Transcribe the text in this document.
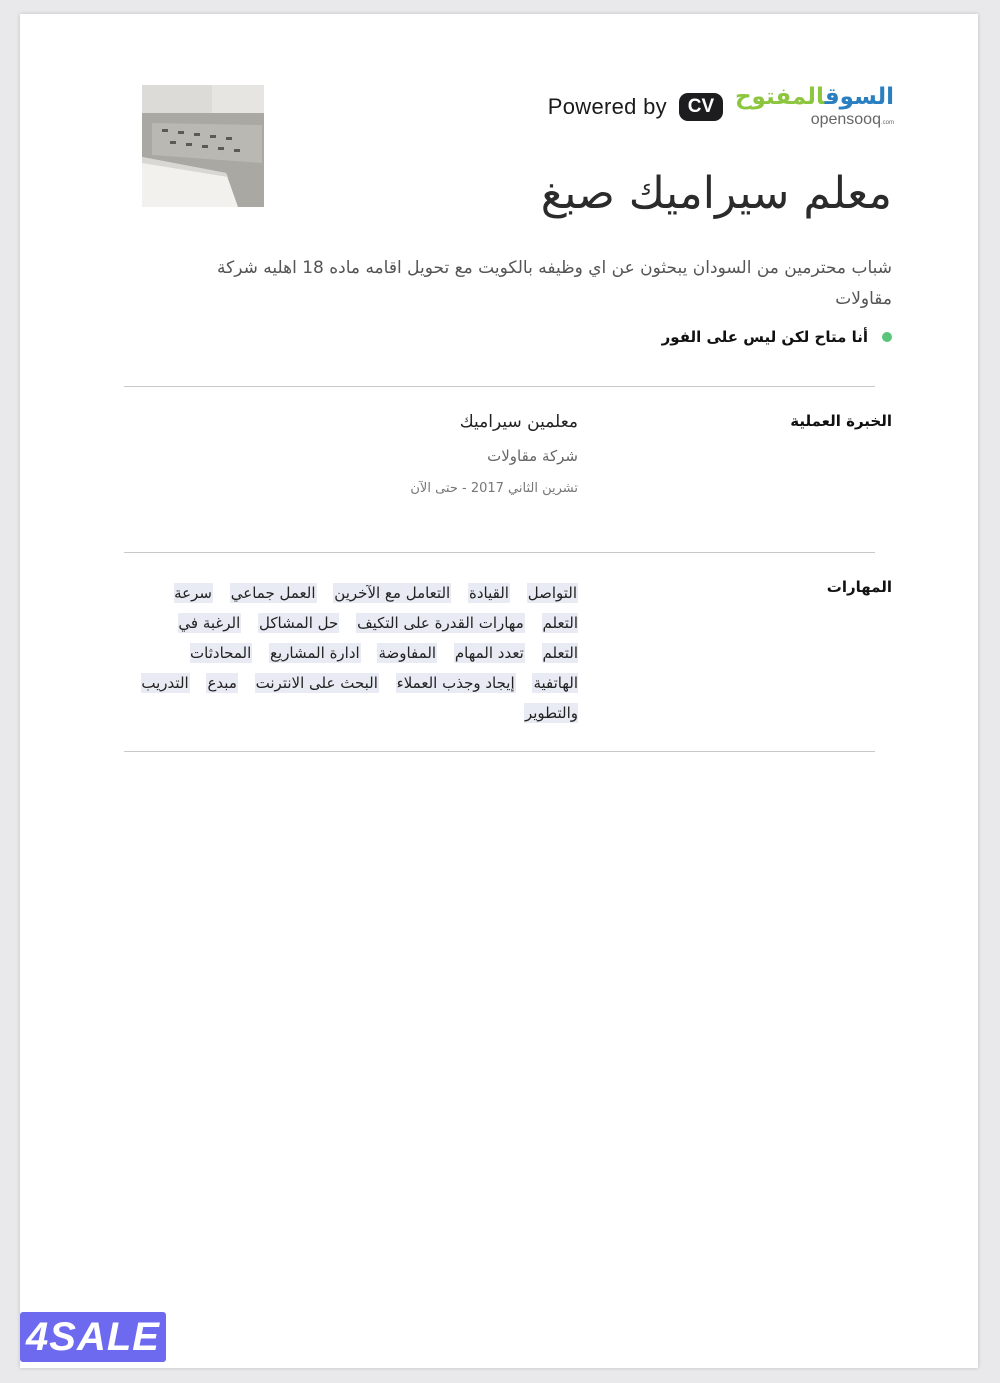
Powered by	CV	السوقالمفتوح
opensooq.com
معلم سيراميك صبغ

شباب محترمين من السودان يبحثون عن اي وظيفه بالكويت مع تحويل اقامه ماده 18 اهليه شركة مقاولات

أنا متاح لكن ليس على الفور
الخبرة العملية
معلمين سيراميك
شركة مقاولات
تشرين الثاني 2017 - حتى الآن
المهارات
التواصل القيادة التعامل مع الآخرين العمل جماعي سرعة التعلم مهارات القدرة على التكيف حل المشاكل الرغبة في التعلم تعدد المهام المفاوضة ادارة المشاريع المحادثات الهاتفية إيجاد وجذب العملاء البحث على الانترنت مبدع التدريب والتطوير
4SALE
